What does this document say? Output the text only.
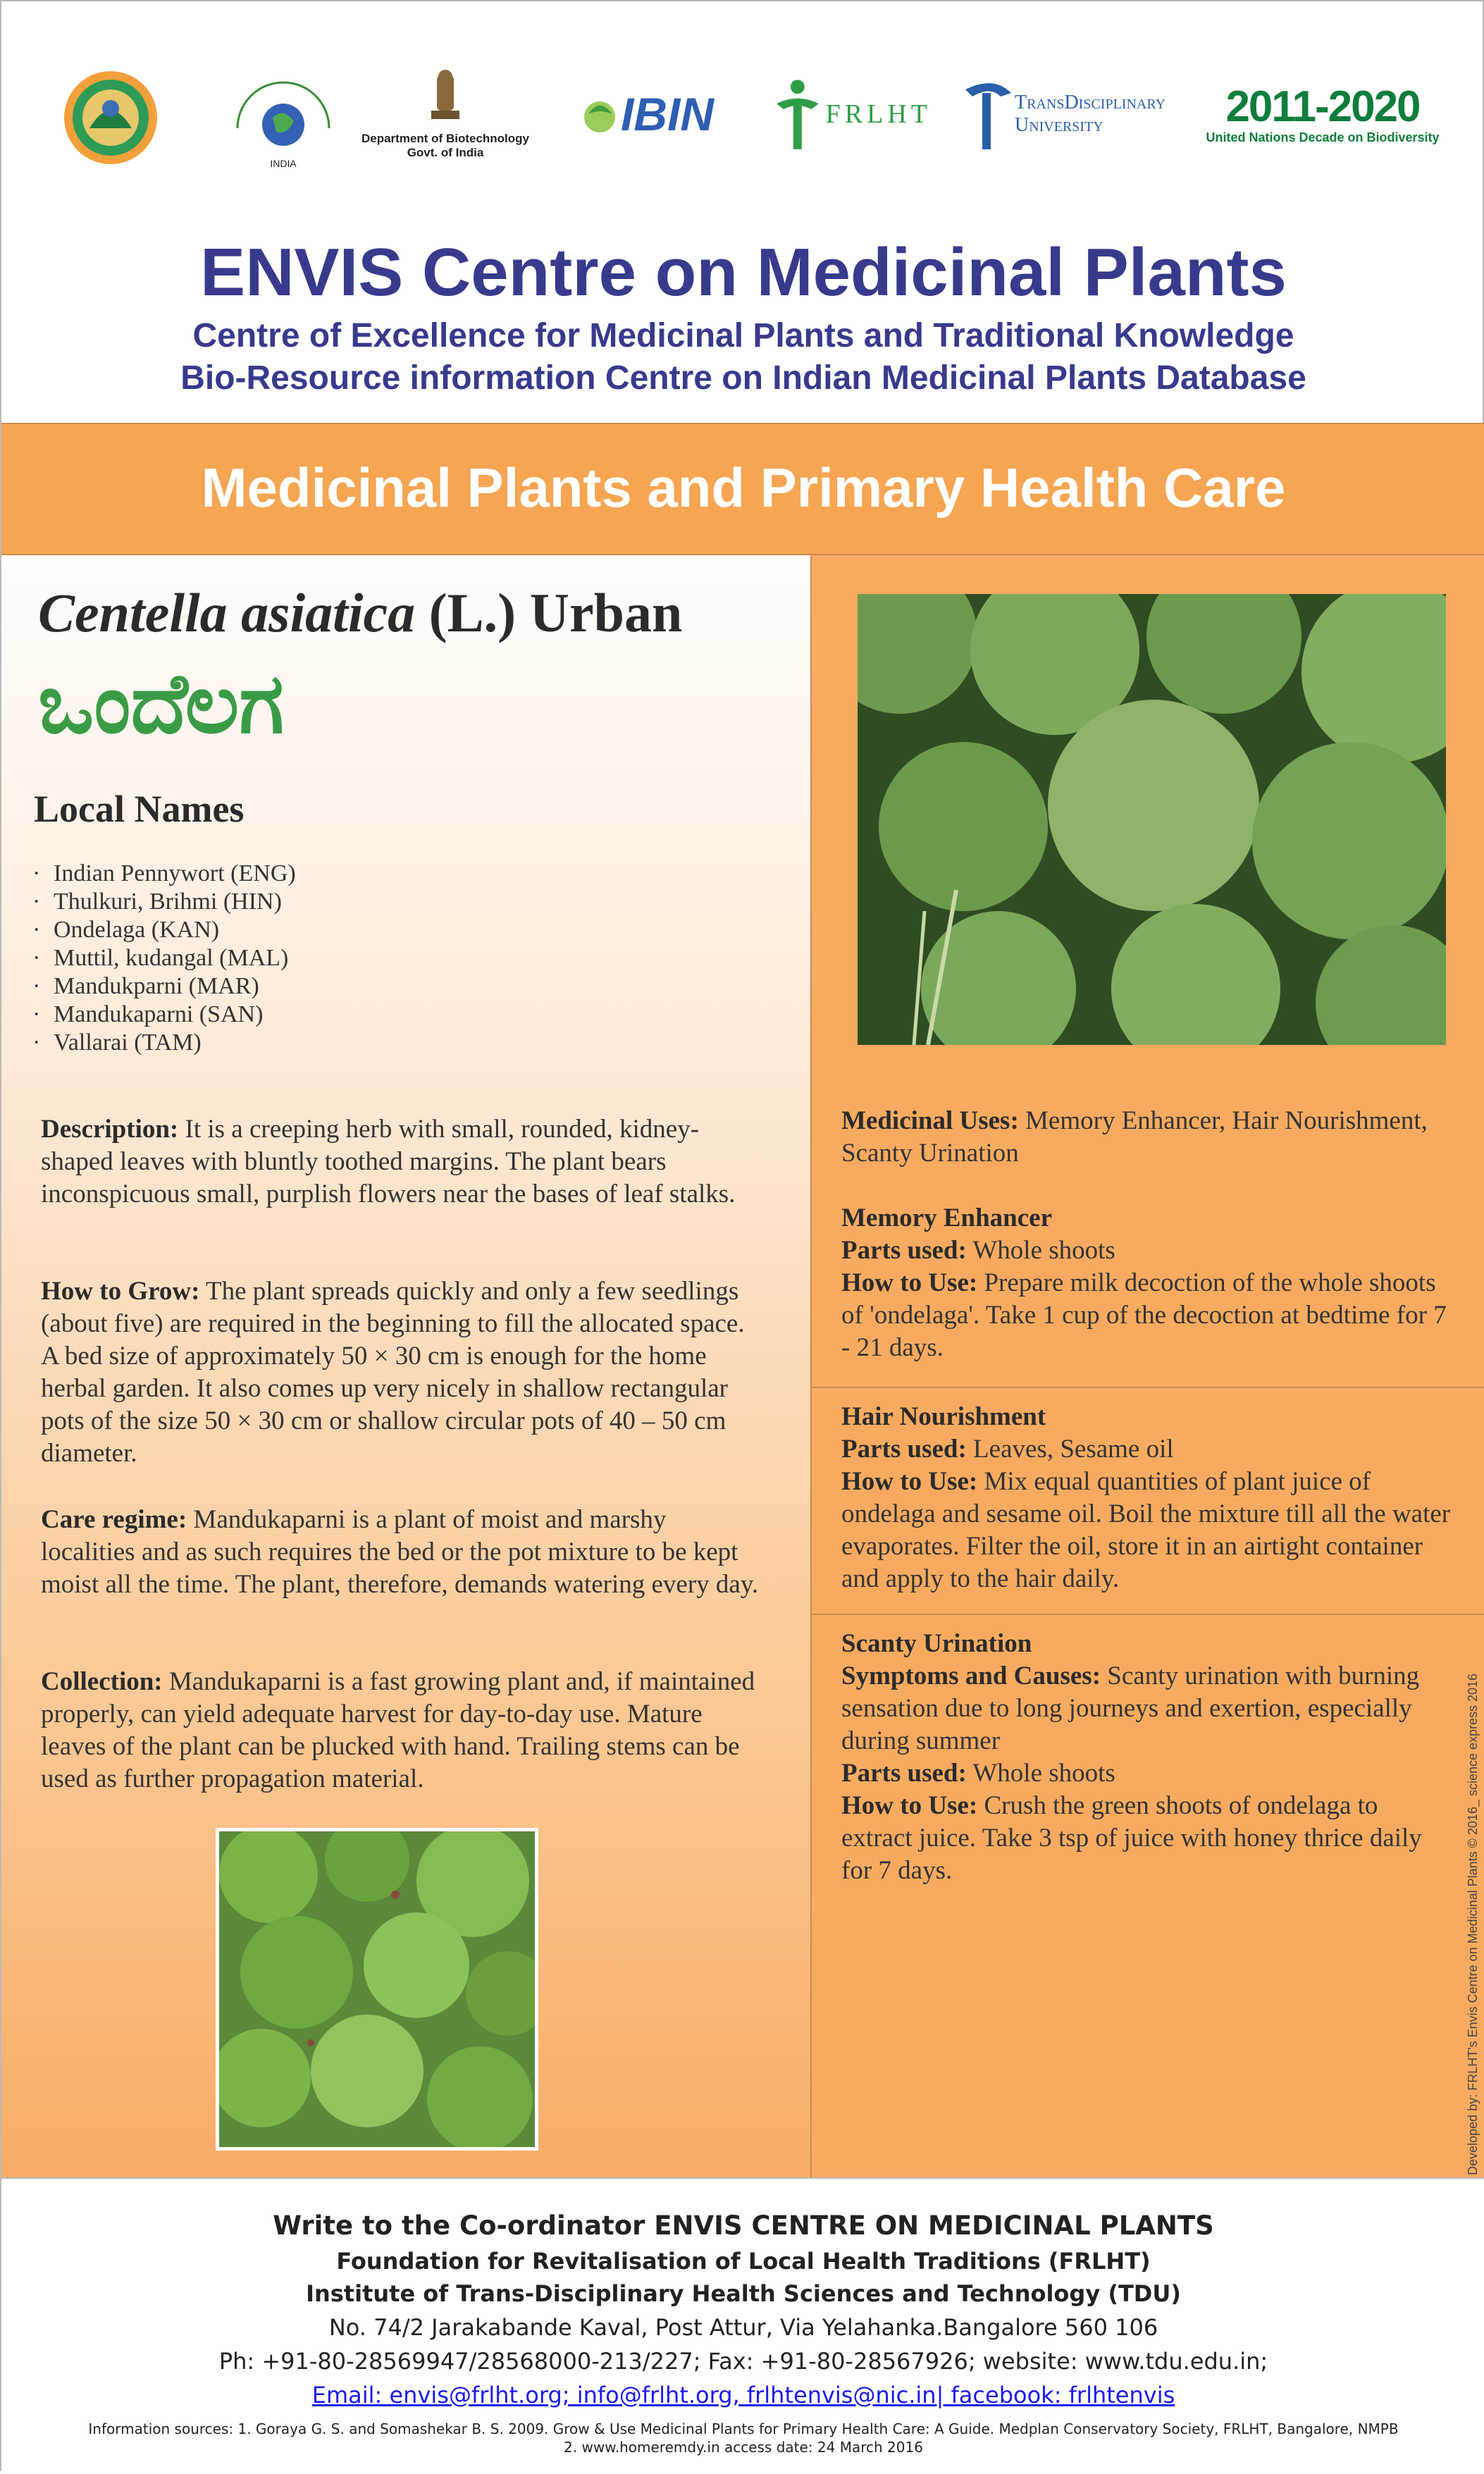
INDIA
Department of Biotechnology
Govt. of India
IBIN	FRLHT	TransDisciplinary
University	2011-2020
United Nations Decade on Biodiversity
ENVIS Centre on Medicinal Plants
Centre of Excellence for Medicinal Plants and Traditional Knowledge
Bio-Resource information Centre on Indian Medicinal Plants Database
Medicinal Plants and Primary Health Care
Centella asiatica (L.) Urban
ಒಂದೆಲಗ
Local Names
· Indian Pennywort (ENG)
· Thulkuri, Brihmi (HIN)
· Ondelaga (KAN)
· Muttil, kudangal (MAL)
· Mandukparni (MAR)
· Mandukaparni (SAN)
· Vallarai (TAM)
Description: It is a creeping herb with small, rounded, kidney-shaped leaves with bluntly toothed margins. The plant bears inconspicuous small, purplish flowers near the bases of leaf stalks.
How to Grow: The plant spreads quickly and only a few seedlings (about five) are required in the beginning to fill the allocated space. A bed size of approximately 50 × 30 cm is enough for the home herbal garden. It also comes up very nicely in shallow rectangular pots of the size 50 × 30 cm or shallow circular pots of 40 – 50 cm diameter.
Care regime: Mandukaparni is a plant of moist and marshy localities and as such requires the bed or the pot mixture to be kept moist all the time. The plant, therefore, demands watering every day.
Collection: Mandukaparni is a fast growing plant and, if maintained properly, can yield adequate harvest for day-to-day use. Mature leaves of the plant can be plucked with hand. Trailing stems can be used as further propagation material.
Medicinal Uses: Memory Enhancer, Hair Nourishment, Scanty Urination
Memory Enhancer
Parts used: Whole shoots
How to Use: Prepare milk decoction of the whole shoots of 'ondelaga'. Take 1 cup of the decoction at bedtime for 7 - 21 days.
Hair Nourishment
Parts used: Leaves, Sesame oil
How to Use: Mix equal quantities of plant juice of ondelaga and sesame oil. Boil the mixture till all the water evaporates. Filter the oil, store it in an airtight container and apply to the hair daily.
Scanty Urination
Symptoms and Causes: Scanty urination with burning sensation due to long journeys and exertion, especially during summer
Parts used: Whole shoots
How to Use: Crush the green shoots of ondelaga to extract juice. Take 3 tsp of juice with honey thrice daily for 7 days.	Developed by: FRLHT's Envis Centre on Medicinal Plants © 2016_ science express 2016
Write to the Co-ordinator ENVIS CENTRE ON MEDICINAL PLANTS
Foundation for Revitalisation of Local Health Traditions (FRLHT)
Institute of Trans-Disciplinary Health Sciences and Technology (TDU)
No. 74/2 Jarakabande Kaval, Post Attur, Via Yelahanka.Bangalore 560 106
Ph: +91-80-28569947/28568000-213/227; Fax: +91-80-28567926; website: www.tdu.edu.in;
Email: envis@frlht.org; info@frlht.org, frlhtenvis@nic.in| facebook: frlhtenvis
Information sources: 1. Goraya G. S. and Somashekar B. S. 2009. Grow & Use Medicinal Plants for Primary Health Care: A Guide. Medplan Conservatory Society, FRLHT, Bangalore, NMPB
2. www.homeremdy.in access date: 24 March 2016
